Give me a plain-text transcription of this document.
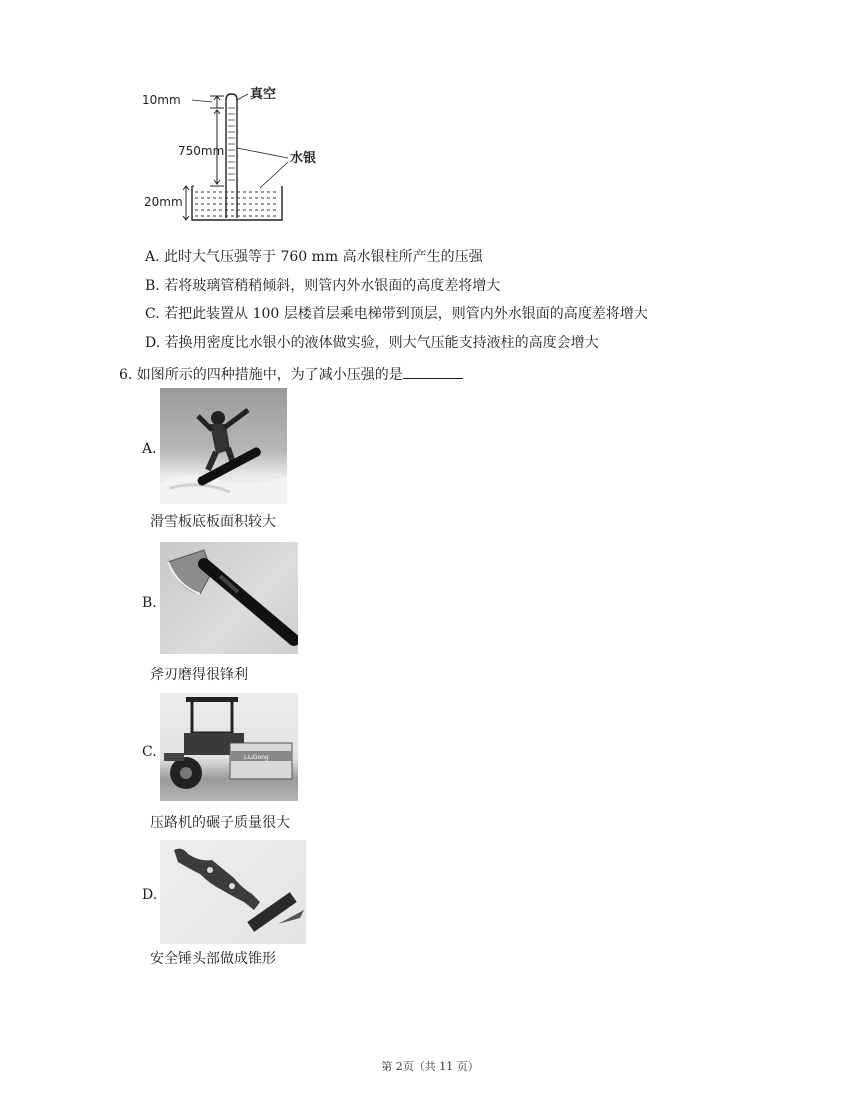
10mm
750mm
20mm
真空
水银
A. 此时大气压强等于 760 mm 高水银柱所产生的压强
B. 若将玻璃管稍稍倾斜，则管内外水银面的高度差将增大
C. 若把此装置从 100 层楼首层乘电梯带到顶层，则管内外水银面的高度差将增大
D. 若换用密度比水银小的液体做实验，则大气压能支持液柱的高度会增大
6. 如图所示的四种措施中，为了减小压强的是
A.
滑雪板底板面积较大
B.
斧刃磨得很锋利
C.	LiuGong
压路机的碾子质量很大
D.
安全锤头部做成锥形
第 2页（共 11 页）
